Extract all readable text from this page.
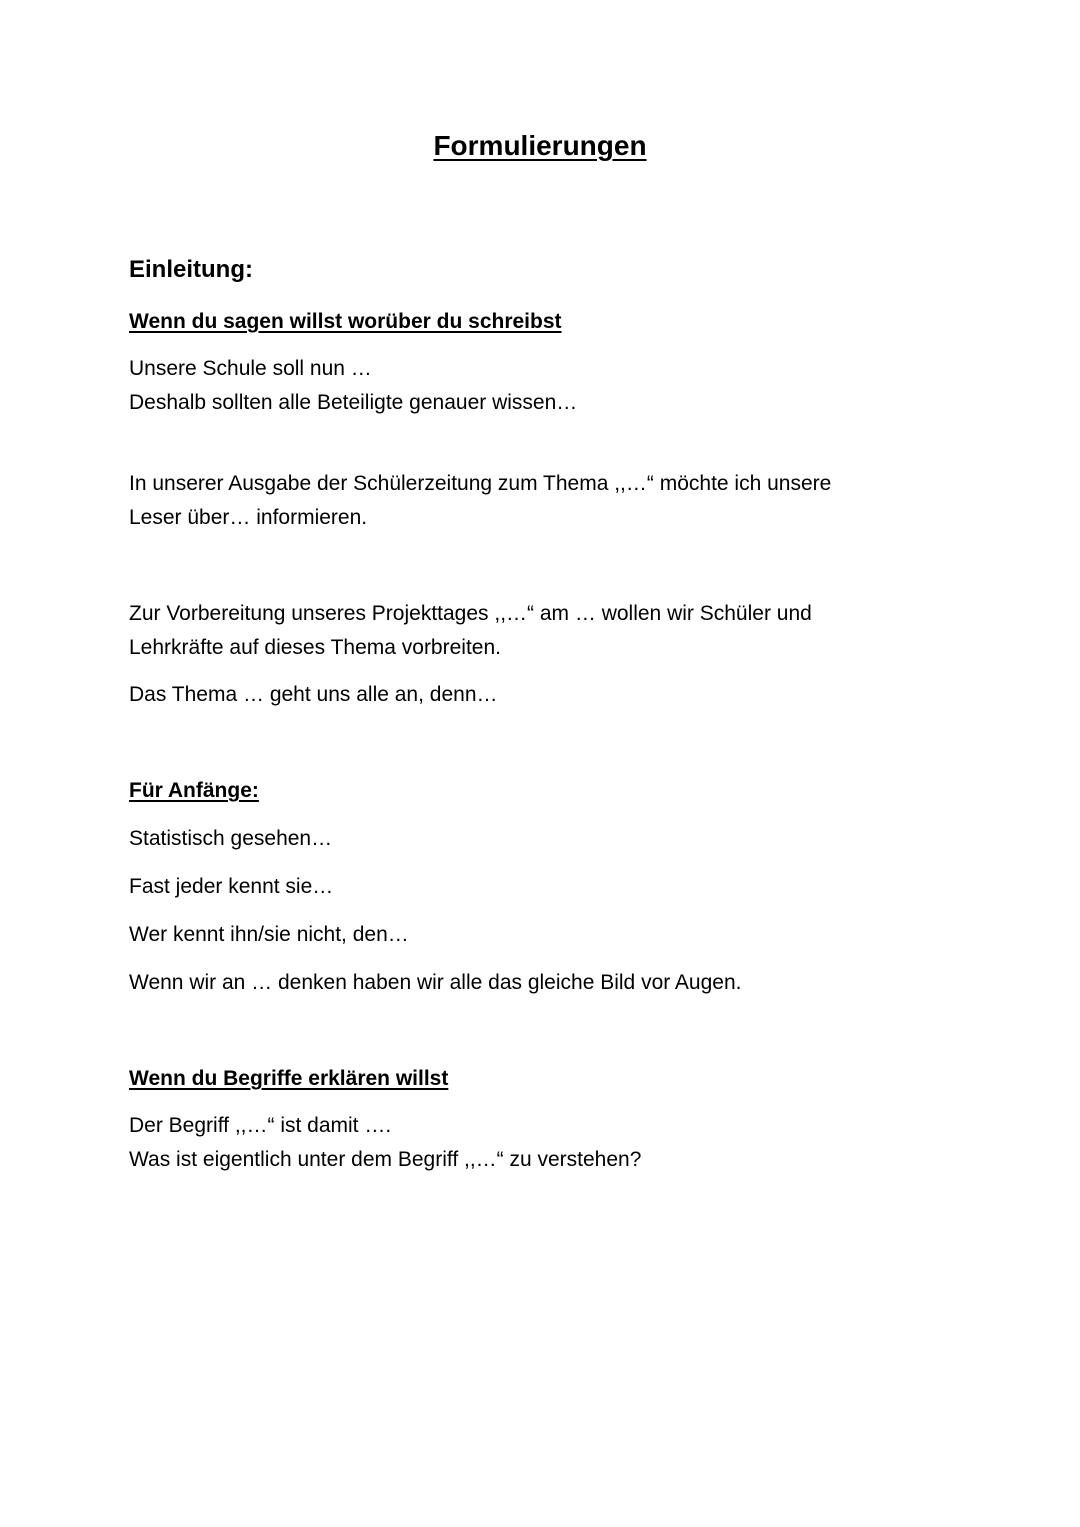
Formulierungen
Einleitung:
Wenn du sagen willst worüber du schreibst

Unsere Schule soll nun …

Deshalb sollten alle Beteiligte genauer wissen…

In unserer Ausgabe der Schülerzeitung zum Thema ,,…“ möchte ich unsere

Leser über… informieren.

Zur Vorbereitung unseres Projekttages ,,…“ am … wollen wir Schüler und

Lehrkräfte auf dieses Thema vorbreiten.

Das Thema … geht uns alle an, denn…

Für Anfänge:

Statistisch gesehen…

Fast jeder kennt sie…

Wer kennt ihn/sie nicht, den…

Wenn wir an … denken haben wir alle das gleiche Bild vor Augen.

Wenn du Begriffe erklären willst

Der Begriff ,,…“ ist damit ….

Was ist eigentlich unter dem Begriff ,,…“ zu verstehen?
